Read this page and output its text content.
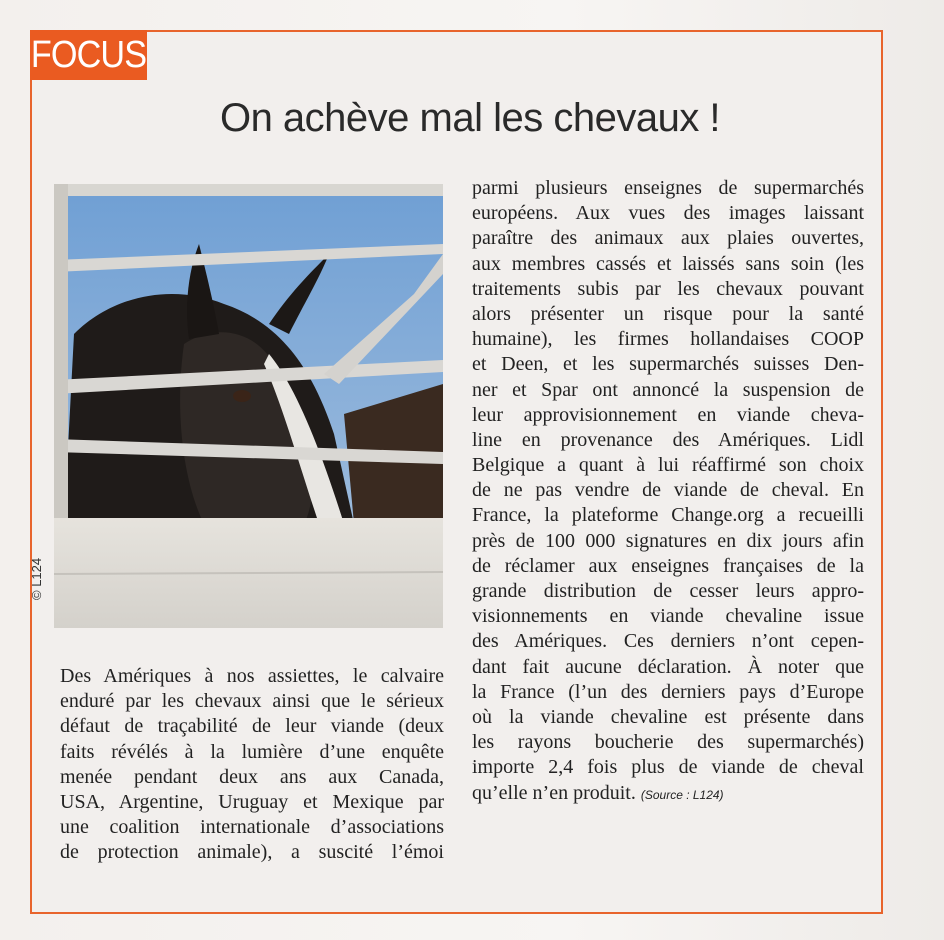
FOCUS
On achève mal les chevaux !
© L124
Des Amériques à nos assiettes, le calvaire
enduré par les chevaux ainsi que le sérieux
défaut de traçabilité de leur viande (deux
faits révélés à la lumière d’une enquête
menée pendant deux ans aux Canada,
USA, Argentine, Uruguay et Mexique par
une coalition internationale d’associations
de protection animale), a suscité l’émoi
parmi plusieurs enseignes de supermarchés
européens. Aux vues des images laissant
paraître des animaux aux plaies ouvertes,
aux membres cassés et laissés sans soin (les
traitements subis par les chevaux pouvant
alors présenter un risque pour la santé
humaine), les firmes hollandaises COOP
et Deen, et les supermarchés suisses Den-
ner et Spar ont annoncé la suspension de
leur approvisionnement en viande cheva-
line en provenance des Amériques. Lidl
Belgique a quant à lui réaffirmé son choix
de ne pas vendre de viande de cheval. En
France, la plateforme Change.org a recueilli
près de 100 000 signatures en dix jours afin
de réclamer aux enseignes françaises de la
grande distribution de cesser leurs appro-
visionnements en viande chevaline issue
des Amériques. Ces derniers n’ont cepen-
dant fait aucune déclaration. À noter que
la France (l’un des derniers pays d’Europe
où la viande chevaline est présente dans
les rayons boucherie des supermarchés)
importe 2,4 fois plus de viande de cheval
qu’elle n’en produit. (Source : L124)
